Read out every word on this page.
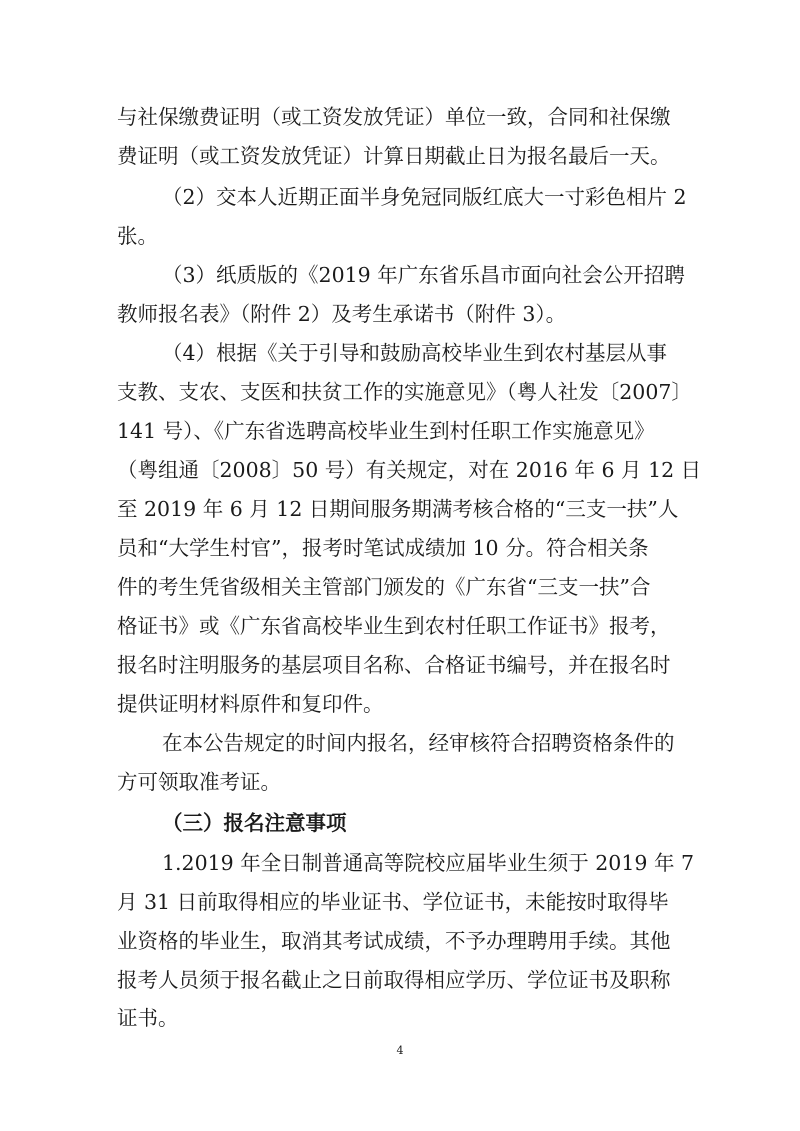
与社保缴费证明（或工资发放凭证）单位一致，合同和社保缴
费证明（或工资发放凭证）计算日期截止日为报名最后一天。
（2）交本人近期正面半身免冠同版红底大一寸彩色相片 2
张。
（3）纸质版的《2019 年广东省乐昌市面向社会公开招聘
教师报名表》（附件 2）及考生承诺书（附件 3）。
（4）根据《关于引导和鼓励高校毕业生到农村基层从事
支教、支农、支医和扶贫工作的实施意见》（粤人社发〔2007〕
141 号）、《广东省选聘高校毕业生到村任职工作实施意见》
（粤组通〔2008〕50 号）有关规定，对在 2016 年 6 月 12 日
至 2019 年 6 月 12 日期间服务期满考核合格的“三支一扶”人
员和“大学生村官”，报考时笔试成绩加 10 分。符合相关条
件的考生凭省级相关主管部门颁发的《广东省“三支一扶”合
格证书》或《广东省高校毕业生到农村任职工作证书》报考，
报名时注明服务的基层项目名称、合格证书编号，并在报名时
提供证明材料原件和复印件。
在本公告规定的时间内报名，经审核符合招聘资格条件的
方可领取准考证。
（三）报名注意事项
1.2019 年全日制普通高等院校应届毕业生须于 2019 年 7
月 31 日前取得相应的毕业证书、学位证书，未能按时取得毕
业资格的毕业生，取消其考试成绩，不予办理聘用手续。其他
报考人员须于报名截止之日前取得相应学历、学位证书及职称
证书。
4
